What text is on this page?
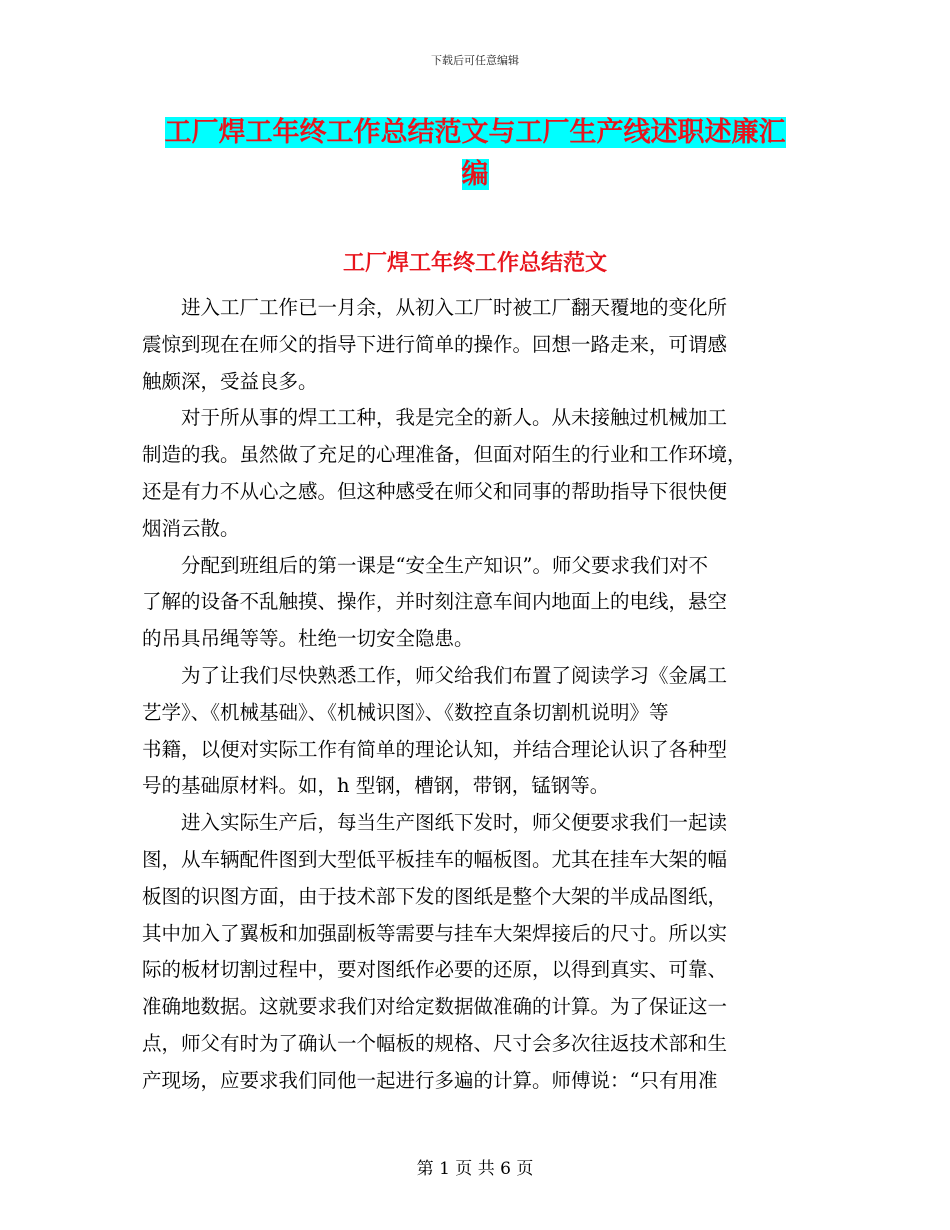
下载后可任意编辑
工厂焊工年终工作总结范文与工厂生产线述职述廉汇
编
工厂焊工年终工作总结范文
　　进入工厂工作已一月余，从初入工厂时被工厂翻天覆地的变化所
震惊到现在在师父的指导下进行简单的操作。回想一路走来，可谓感
触颇深，受益良多。
　　对于所从事的焊工工种，我是完全的新人。从未接触过机械加工
制造的我。虽然做了充足的心理准备，但面对陌生的行业和工作环境，
还是有力不从心之感。但这种感受在师父和同事的帮助指导下很快便
烟消云散。
　　分配到班组后的第一课是“安全生产知识”。师父要求我们对不
了解的设备不乱触摸、操作，并时刻注意车间内地面上的电线，悬空
的吊具吊绳等等。杜绝一切安全隐患。
　　为了让我们尽快熟悉工作，师父给我们布置了阅读学习《金属工
艺学》、《机械基础》、《机械识图》、《数控直条切割机说明》等
书籍，以便对实际工作有简单的理论认知，并结合理论认识了各种型
号的基础原材料。如，h 型钢，槽钢，带钢，锰钢等。
　　进入实际生产后，每当生产图纸下发时，师父便要求我们一起读
图，从车辆配件图到大型低平板挂车的幅板图。尤其在挂车大架的幅
板图的识图方面，由于技术部下发的图纸是整个大架的半成品图纸，
其中加入了翼板和加强副板等需要与挂车大架焊接后的尺寸。所以实
际的板材切割过程中，要对图纸作必要的还原，以得到真实、可靠、
准确地数据。这就要求我们对给定数据做准确的计算。为了保证这一
点，师父有时为了确认一个幅板的规格、尺寸会多次往返技术部和生
产现场，应要求我们同他一起进行多遍的计算。师傅说：“只有用准
第 1 页 共 6 页
